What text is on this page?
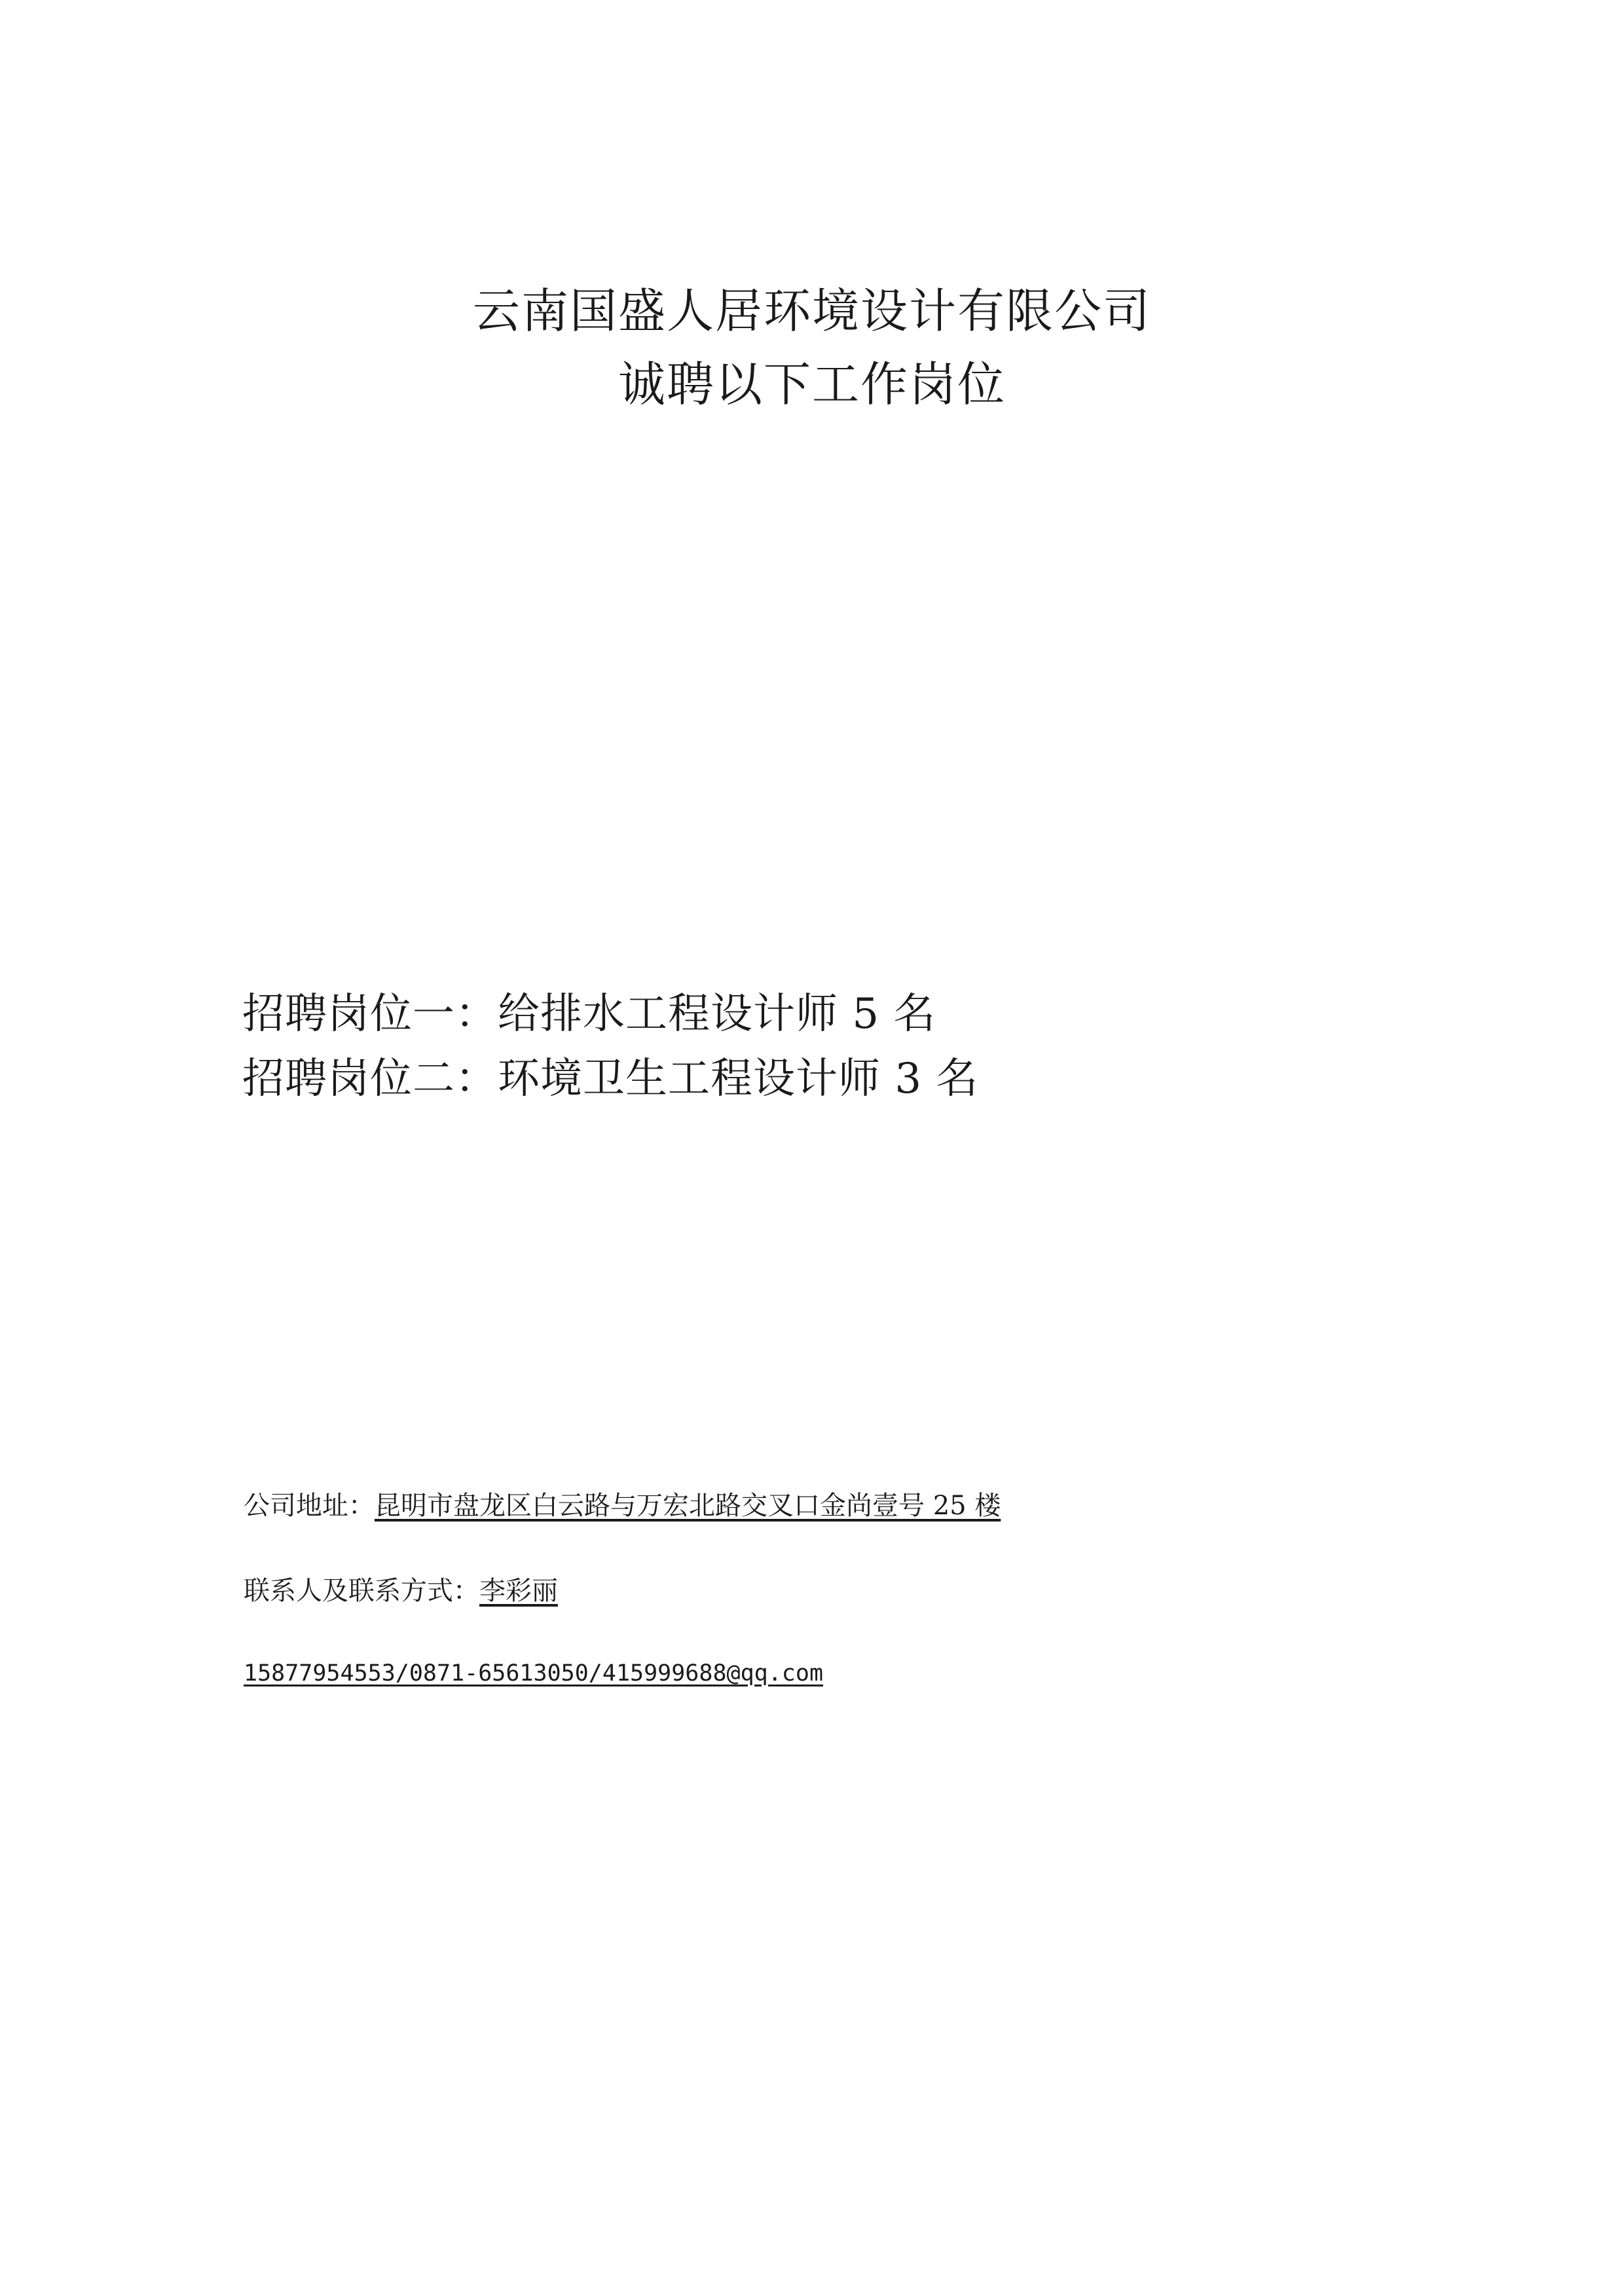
云南国盛人居环境设计有限公司
诚聘以下工作岗位
招聘岗位一：给排水工程设计师 5 名
招聘岗位二：环境卫生工程设计师 3 名
公司地址：昆明市盘龙区白云路与万宏北路交叉口金尚壹号 25 楼
联系人及联系方式：李彩丽
15877954553/0871-65613050/415999688@qq.com
